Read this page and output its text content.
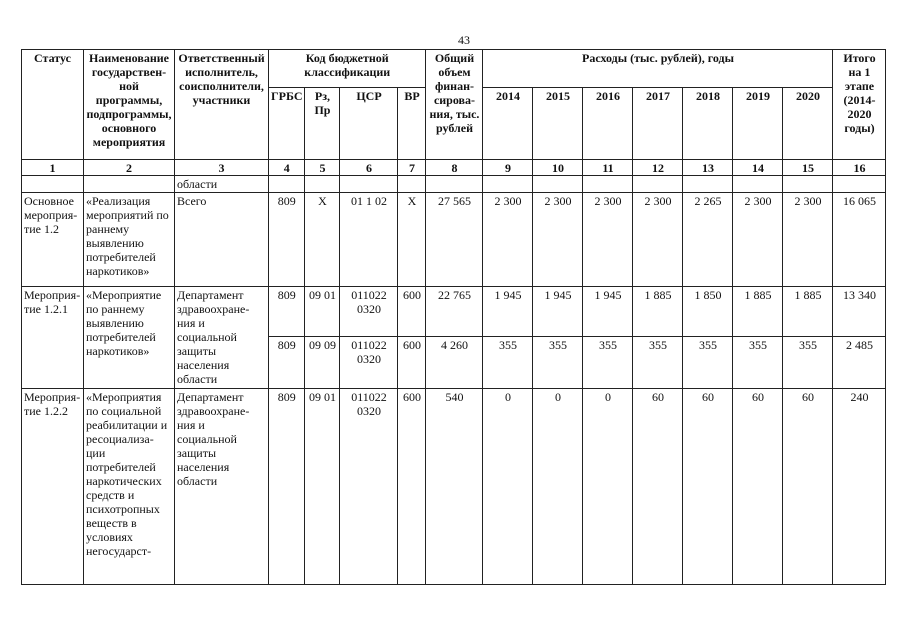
43
Статус	Наименование государствен-ной программы, подпрограммы, основного мероприятия	Ответственный исполнитель, соисполнители, участники	Код бюджетной классификации				Общий объем финан-сирова-ния, тыс. рублей	Расходы (тыс. рублей), годы							Итого на 1 этапе (2014-2020 годы)
			ГРБС	Рз, Пр	ЦСР	ВР		2014	2015	2016	2017	2018	2019	2020	
1	2	3	4	5	6	7	8	9	10	11	12	13	14	15	16
		области													
Основное мероприя-тие 1.2	«Реализация мероприятий по раннему выявлению потребителей наркотиков»	Всего	809	Х	01 1 02	Х	27 565	2 300	2 300	2 300	2 300	2 265	2 300	2 300	16 065
Мероприя-тие 1.2.1	«Мероприятие по раннему выявлению потребителей наркотиков»	Департамент здравоохране-ния и социальной защиты населения области	809	09 01	011022 0320	600	22 765	1 945	1 945	1 945	1 885	1 850	1 885	1 885	13 340
			809	09 09	011022 0320	600	4 260	355	355	355	355	355	355	355	2 485
Мероприя-тие 1.2.2	«Мероприятия по социальной реабилитации и ресоциализа-ции потребителей наркотических средств и психотропных веществ в условиях негосударст-	Департамент здравоохране-ния и социальной защиты населения области	809	09 01	011022 0320	600	540	0	0	0	60	60	60	60	240
